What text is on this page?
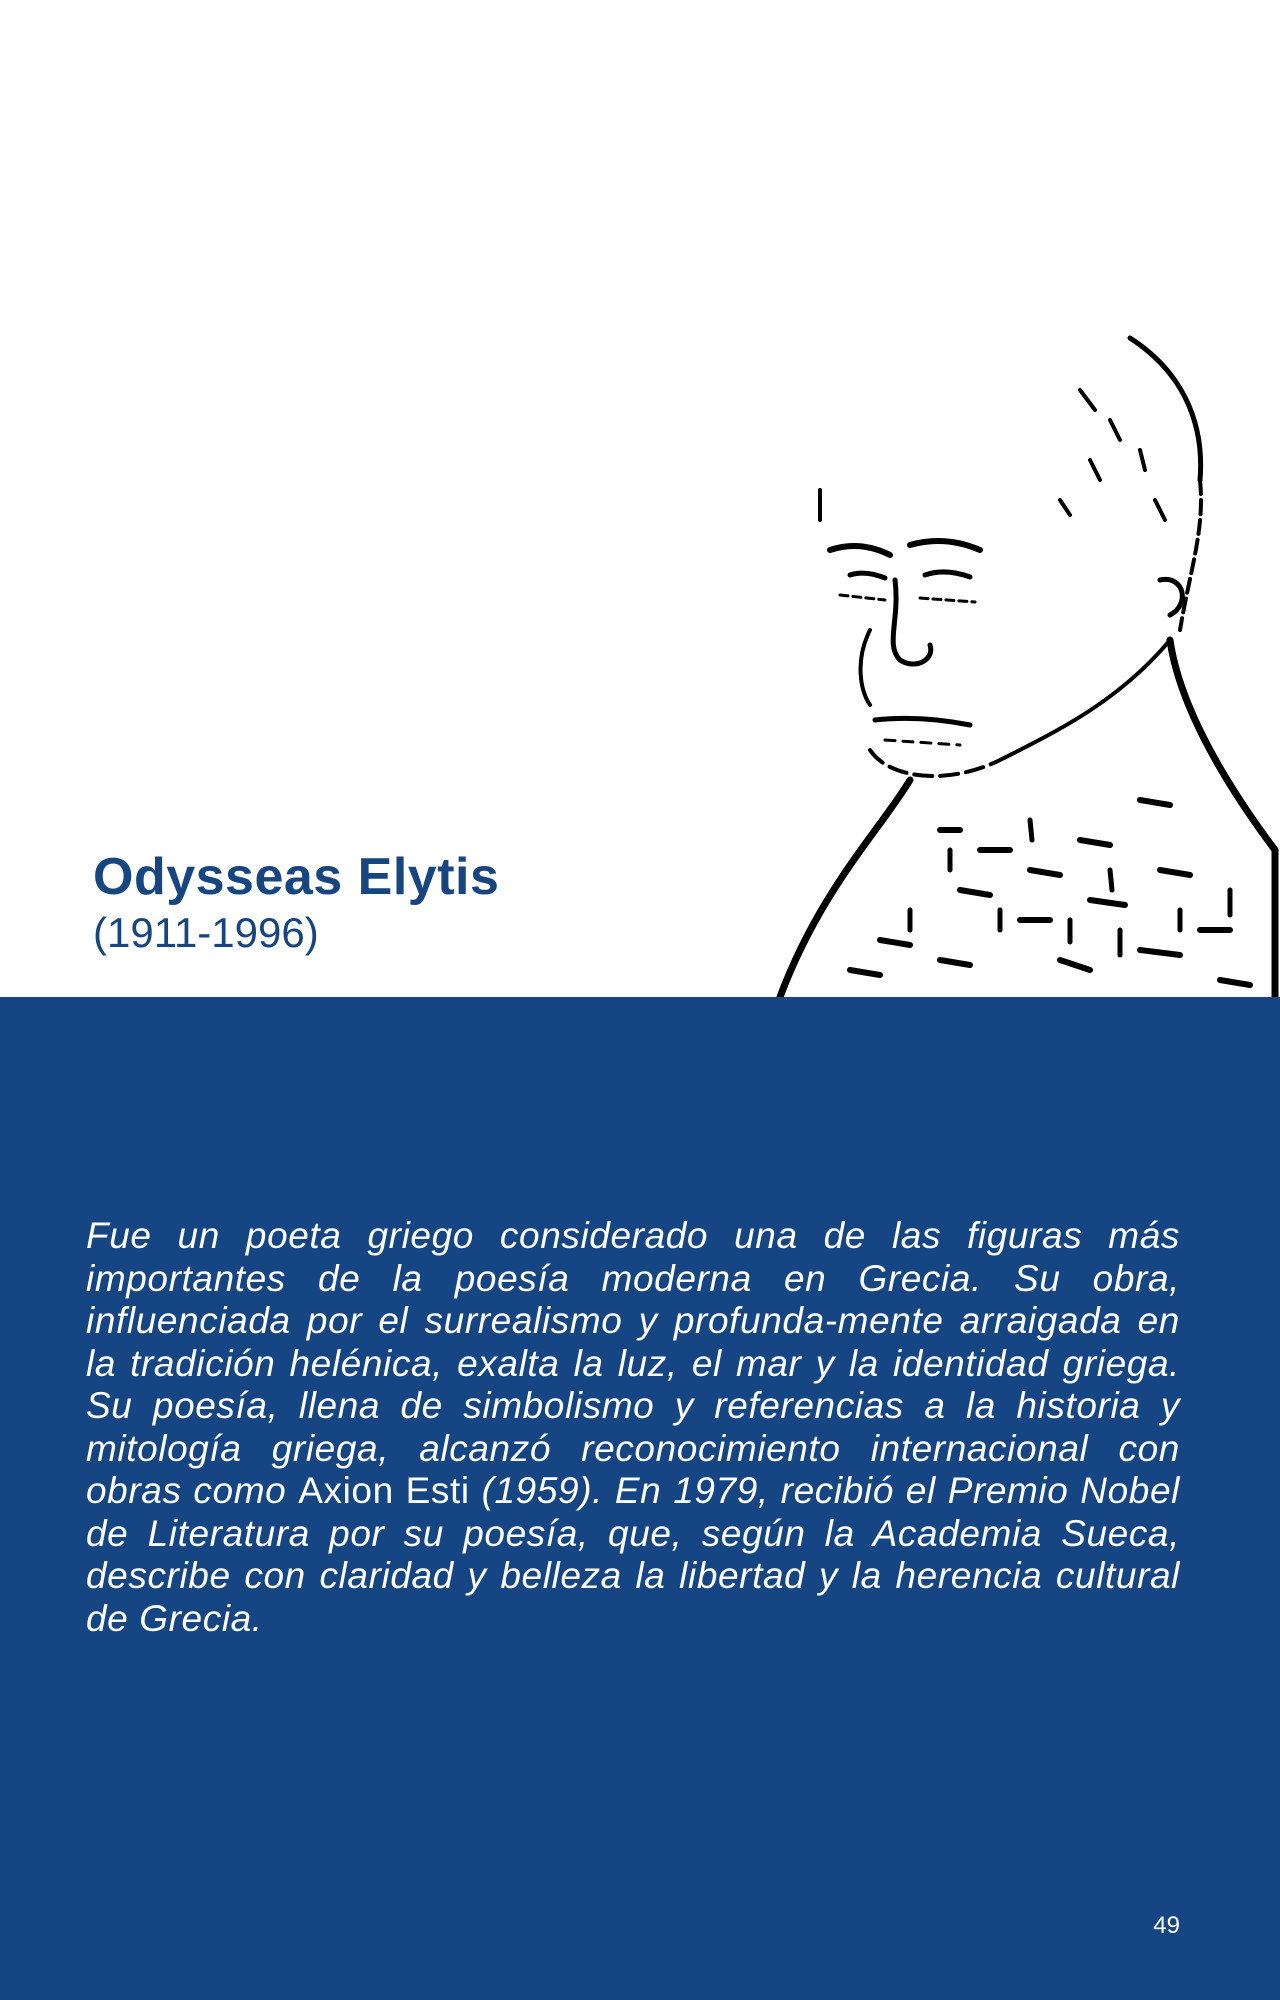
Odysseas Elytis

(1911-1996)

Fue un poeta griego considerado una de las figuras más importantes de la poesía moderna en Grecia. Su obra, influenciada por el surrealismo y profunda-mente arraigada en la tradición helénica, exalta la luz, el mar y la identidad griega. Su poesía, llena de simbolismo y referencias a la historia y mitología griega, alcanzó reconocimiento internacional con obras como Axion Esti (1959). En 1979, recibió el Premio Nobel de Literatura por su poesía, que, según la Academia Sueca, describe con claridad y belleza la libertad y la herencia cultural de Grecia.

49
